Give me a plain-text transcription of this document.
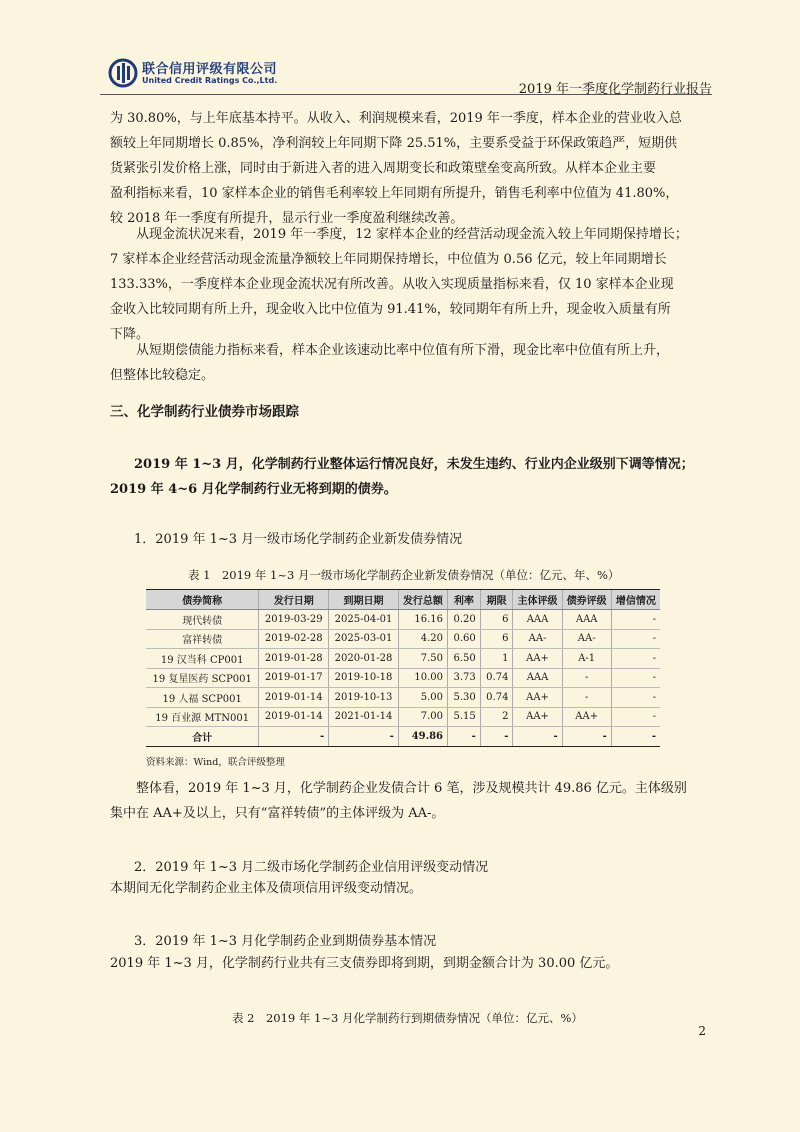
联合信用评级有限公司
United Credit Ratings Co.,Ltd.
2019 年一季度化学制药行业报告
为 30.80%，与上年底基本持平。从收入、利润规模来看，2019 年一季度，样本企业的营业收入总
额较上年同期增长 0.85%，净利润较上年同期下降 25.51%，主要系受益于环保政策趋严，短期供
货紧张引发价格上涨，同时由于新进入者的进入周期变长和政策壁垒变高所致。从样本企业主要
盈利指标来看，10 家样本企业的销售毛利率较上年同期有所提升，销售毛利率中位值为 41.80%，
较 2018 年一季度有所提升，显示行业一季度盈利继续改善。
从现金流状况来看，2019 年一季度，12 家样本企业的经营活动现金流入较上年同期保持增长；
7 家样本企业经营活动现金流量净额较上年同期保持增长，中位值为 0.56 亿元，较上年同期增长
133.33%，一季度样本企业现金流状况有所改善。从收入实现质量指标来看，仅 10 家样本企业现
金收入比较同期有所上升，现金收入比中位值为 91.41%，较同期年有所上升，现金收入质量有所
下降。
从短期偿债能力指标来看，样本企业该速动比率中位值有所下滑，现金比率中位值有所上升，
但整体比较稳定。
三、化学制药行业债券市场跟踪
2019 年 1~3 月，化学制药行业整体运行情况良好，未发生违约、行业内企业级别下调等情况；
2019 年 4~6 月化学制药行业无将到期的债券。
1．2019 年 1~3 月一级市场化学制药企业新发债券情况
表 1　2019 年 1~3 月一级市场化学制药企业新发债券情况（单位：亿元、年、%）
债券简称	发行日期	到期日期	发行总额	利率	期限	主体评级	债券评级	增信情况
现代转债	2019-03-29	2025-04-01	16.16	0.20	6	AAA	AAA	-
富祥转债	2019-02-28	2025-03-01	4.20	0.60	6	AA-	AA-	-
19 汉当科 CP001	2019-01-28	2020-01-28	7.50	6.50	1	AA+	A-1	-
19 复星医药 SCP001	2019-01-17	2019-10-18	10.00	3.73	0.74	AAA	-	-
19 人福 SCP001	2019-01-14	2019-10-13	5.00	5.30	0.74	AA+	-	-
19 百业源 MTN001	2019-01-14	2021-01-14	7.00	5.15	2	AA+	AA+	-
合计	-	-	49.86	-	-	-	-	-
资料来源：Wind，联合评级整理
整体看，2019 年 1~3 月，化学制药企业发债合计 6 笔，涉及规模共计 49.86 亿元。主体级别
集中在 AA+及以上，只有“富祥转债”的主体评级为 AA-。
2．2019 年 1~3 月二级市场化学制药企业信用评级变动情况
本期间无化学制药企业主体及债项信用评级变动情况。
3．2019 年 1~3 月化学制药企业到期债券基本情况
2019 年 1~3 月，化学制药行业共有三支债券即将到期，到期金额合计为 30.00 亿元。
表 2　2019 年 1~3 月化学制药行到期债券情况（单位：亿元、%）
2
